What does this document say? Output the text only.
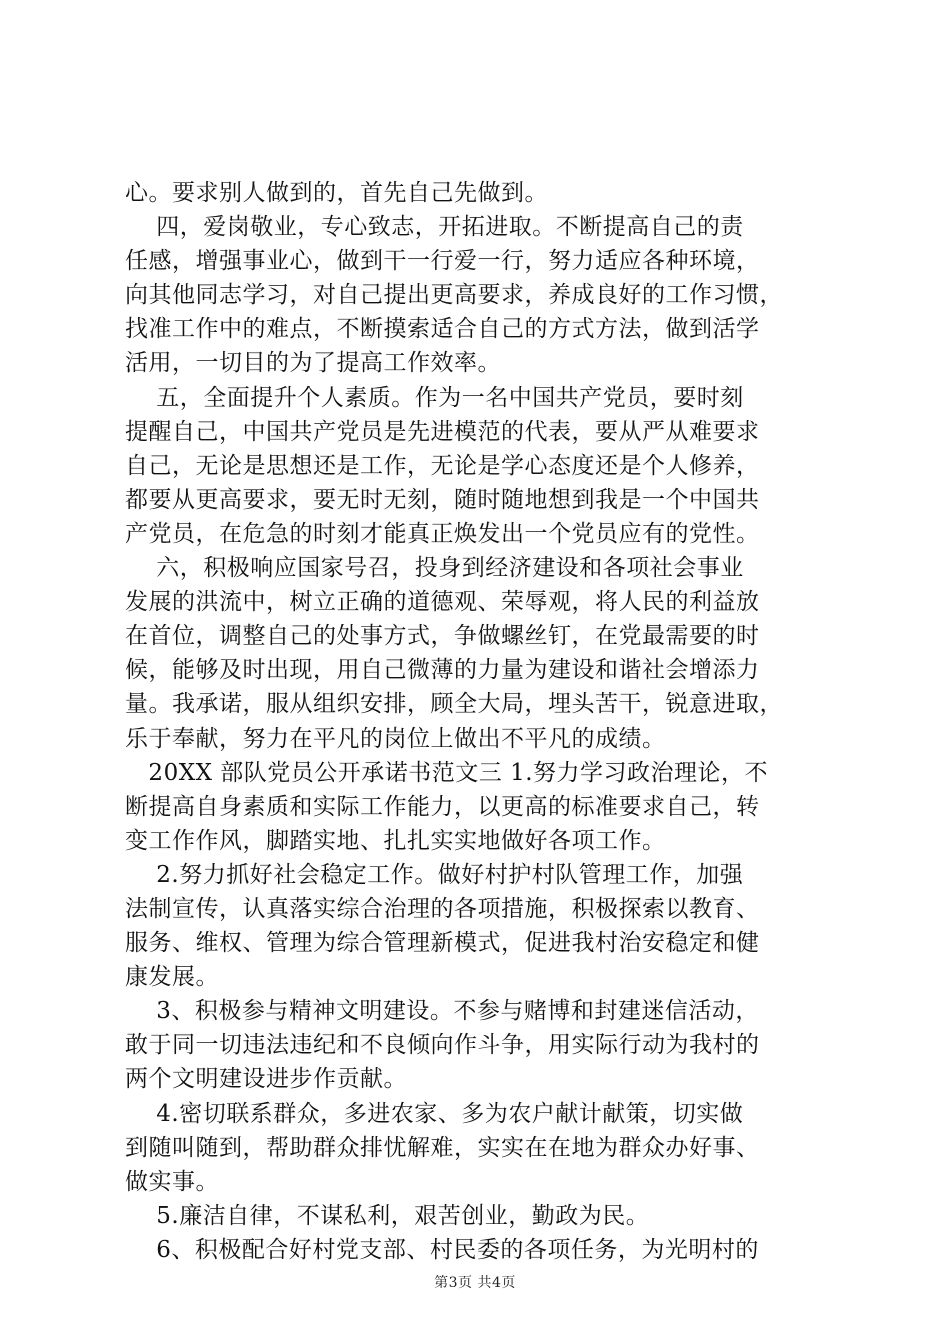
心。要求别人做到的，首先自己先做到。
四，爱岗敬业，专心致志，开拓进取。不断提高自己的责
任感，增强事业心，做到干一行爱一行，努力适应各种环境，
向其他同志学习，对自己提出更高要求，养成良好的工作习惯，
找准工作中的难点，不断摸索适合自己的方式方法，做到活学
活用，一切目的为了提高工作效率。
五，全面提升个人素质。作为一名中国共产党员，要时刻
提醒自己，中国共产党员是先进模范的代表，要从严从难要求
自己，无论是思想还是工作，无论是学心态度还是个人修养，
都要从更高要求，要无时无刻，随时随地想到我是一个中国共
产党员，在危急的时刻才能真正焕发出一个党员应有的党性。
六，积极响应国家号召，投身到经济建设和各项社会事业
发展的洪流中，树立正确的道德观、荣辱观，将人民的利益放
在首位，调整自己的处事方式，争做螺丝钉，在党最需要的时
候，能够及时出现，用自己微薄的力量为建设和谐社会增添力
量。我承诺，服从组织安排，顾全大局，埋头苦干，锐意进取，
乐于奉献，努力在平凡的岗位上做出不平凡的成绩。
20XX 部队党员公开承诺书范文三 1.努力学习政治理论，不
断提高自身素质和实际工作能力，以更高的标准要求自己，转
变工作作风，脚踏实地、扎扎实实地做好各项工作。
2.努力抓好社会稳定工作。做好村护村队管理工作，加强
法制宣传，认真落实综合治理的各项措施，积极探索以教育、
服务、维权、管理为综合管理新模式，促进我村治安稳定和健
康发展。
3、积极参与精神文明建设。不参与赌博和封建迷信活动，
敢于同一切违法违纪和不良倾向作斗争，用实际行动为我村的
两个文明建设进步作贡献。
4.密切联系群众，多进农家、多为农户献计献策，切实做
到随叫随到，帮助群众排忧解难，实实在在地为群众办好事、
做实事。
5.廉洁自律，不谋私利，艰苦创业，勤政为民。
6、积极配合好村党支部、村民委的各项任务，为光明村的
第3页 共4页
